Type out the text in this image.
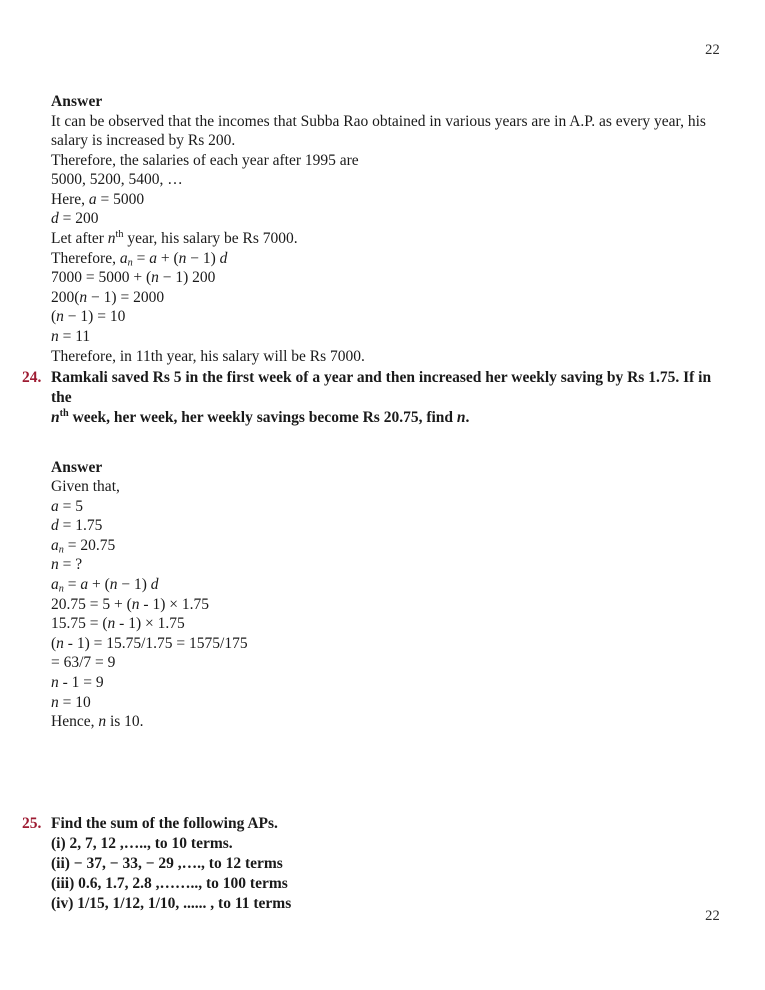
22
Answer
It can be observed that the incomes that Subba Rao obtained in various years are in A.P. as every year, his salary is increased by Rs 200.
Therefore, the salaries of each year after 1995 are
5000, 5200, 5400, …
Here, a = 5000
d = 200
Let after $n^{th}$ year, his salary be Rs 7000.
Therefore, $a_n = a + (n - 1)$ d
7000 = 5000 + (n − 1) 200
200(n − 1) = 2000
(n − 1) = 10
n = 11
Therefore, in 11th year, his salary will be Rs 7000.
24. Ramkali saved Rs 5 in the first week of a year and then increased her weekly saving by Rs 1.75. If in the
$n^{th}$ week, her week, her weekly savings become Rs 20.75, find n.
Answer
Given that,
a = 5
d = 1.75
$a_n = 20.75$
n = ?
$a_n = a + (n - 1)$ d
20.75 = 5 + (n - 1) × 1.75
15.75 = (n - 1) × 1.75
(n - 1) = 15.75/1.75 = 1575/175
= 63/7 = 9
n - 1 = 9
n = 10
Hence, n is 10.
25. Find the sum of the following APs.
(i) 2, 7, 12 ,….., to 10 terms.
(ii) − 37, − 33, − 29 ,…., to 12 terms
(iii) 0.6, 1.7, 2.8 ,…….., to 100 terms
(iv) 1/15, 1/12, 1/10, ...... , to 11 terms
22
